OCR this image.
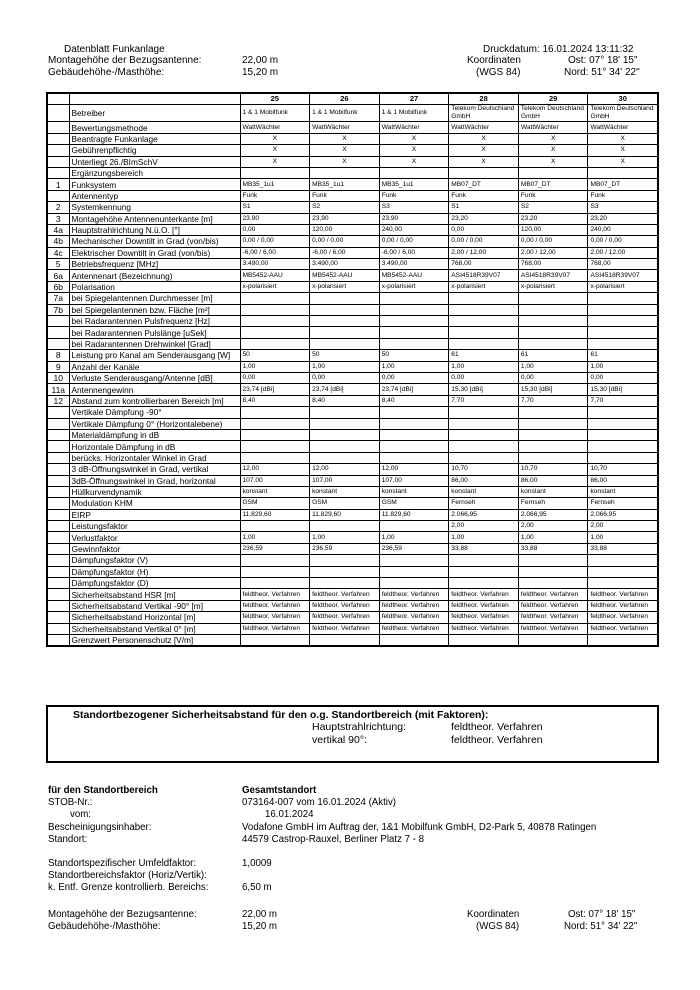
Datenblatt Funkanlage	Druckdatum: 16.01.2024 13:11:32
Montagehöhe der Bezugsantenne:	22,00 m	Koordinaten	Ost: 07° 18' 15"
Gebäudehöhe-/Masthöhe:	15,20 m	(WGS 84)	Nord: 51° 34' 22"
		25	26	27	28	29	30
	Betreiber	1 & 1 Mobilfunk	1 & 1 Mobilfunk	1 & 1 Mobilfunk	Telekom Deutschland GmbH	Telekom Deutschland GmbH	Telekom Deutschland GmbH
	Bewertungsmethode	WattWächter	WattWächter	WattWächter	WattWächter	WattWächter	WattWächter
	Beantragte Funkanlage	X	X	X	X	X	X
	Gebührenpflichtig	X	X	X	X	X	X
	Unterliegt 26./BImSchV	X	X	X	X	X	X
	Ergänzungsbereich						
1	Funksystem	MB35_1u1	MB35_1u1	MB35_1u1	MB07_DT	MB07_DT	MB07_DT
	Antennentyp	Funk	Funk	Funk	Funk	Funk	Funk
2	Systemkennung	S1	S2	S3	S1	S2	S3
3	Montagehöhe Antennenunterkante [m]	23,90	23,90	23,90	23,20	23,20	23,20
4a	Hauptstrahlrichtung N.ü.O. [°]	0,00	120,00	240,00	0,00	120,00	240,00
4b	Mechanischer Downtilt in Grad (von/bis)	0,00 / 0,00	0,00 / 0,00	0,00 / 0,00	0,00 / 0,00	0,00 / 0,00	0,00 / 0,00
4c	Elektrischer Downtilt in Grad (von/bis)	-6,00 / 6,00	-6,00 / 6,00	-6,00 / 6,00	2,00 / 12,00	2,00 / 12,00	2,00 / 12,00
5	Betriebsfrequenz [MHz]	3.490,00	3.490,00	3.490,00	768,00	768,00	768,00
6a	Antennenart (Bezeichnung)	MB5452-AAU	MB5452-AAU	MB5452-AAU	ASI4518R39V07	ASI4518R39V07	ASI4518R39V07
6b	Polarisation	x-polarisiert	x-polarisiert	x-polarisiert	x-polarisiert	x-polarisiert	x-polarisiert
7a	bei Spiegelantennen Durchmesser [m]						
7b	bei Spiegelantennen bzw. Fläche [m²]						
	bei Radarantennen Pulsfrequenz [Hz]						
	bei Radarantennen Pulslänge [uSek]						
	bei Radarantennen Drehwinkel [Grad]						
8	Leistung pro Kanal am Senderausgang [W]	50	50	50	61	61	61
9	Anzahl der Kanäle	1,00	1,00	1,00	1,00	1,00	1,00
10	Verluste Senderausgang/Antenne [dB]	0,00	0,00	0,00	0,00	0,00	0,00
11a	Antennengewinn	23,74 [dBi]	23,74 [dBi]	23,74 [dBi]	15,30 [dBi]	15,30 [dBi]	15,30 [dBi]
12	Abstand zum kontrollierbaren Bereich [m]	8,40	8,40	8,40	7,70	7,70	7,70
	Vertikale Dämpfung -90°						
	Vertikale Dämpfung 0° (Horizontalebene)						
	Materialdämpfung in dB						
	Horizontale Dämpfung in dB						
	berücks. Horizontaler Winkel in Grad						
	3 dB-Öffnungswinkel in Grad, vertikal	12,00	12,00	12,00	10,70	10,70	10,70
	3dB-Öffnungswinkel in Grad, horizontal	107,00	107,00	107,00	86,00	86,00	86,00
	Hüllkurvendynamik	konstant	konstant	konstant	konstant	konstant	konstant
	Modulation KHM	GSM	GSM	GSM	Fernseh	Fernseh	Fernseh
	EIRP	11.829,60	11.829,60	11.829,60	2.066,95	2.066,95	2.066,95
	Leistungsfaktor				2,00	2,00	2,00
	Verlustfaktor	1,00	1,00	1,00	1,00	1,00	1,00
	Gewinnfaktor	236,59	236,59	236,59	33,88	33,88	33,88
	Dämpfungsfaktor (V)						
	Dämpfungsfaktor (H)						
	Dämpfungsfaktor (D)						
	Sicherheitsabstand HSR [m]	feldtheor. Verfahren	feldtheor. Verfahren	feldtheor. Verfahren	feldtheor. Verfahren	feldtheor. Verfahren	feldtheor. Verfahren
	Sicherheitsabstand Vertikal -90° [m]	feldtheor. Verfahren	feldtheor. Verfahren	feldtheor. Verfahren	feldtheor. Verfahren	feldtheor. Verfahren	feldtheor. Verfahren
	Sicherheitsabstand Horizontal [m]	feldtheor. Verfahren	feldtheor. Verfahren	feldtheor. Verfahren	feldtheor. Verfahren	feldtheor. Verfahren	feldtheor. Verfahren
	Sicherheitsabstand Vertikal 0° [m]	feldtheor. Verfahren	feldtheor. Verfahren	feldtheor. Verfahren	feldtheor. Verfahren	feldtheor. Verfahren	feldtheor. Verfahren
	Grenzwert Personenschutz [V/m]						
Standortbezogener Sicherheitsabstand für den o.g. Standortbereich (mit Faktoren):
Hauptstrahlrichtung:	feldtheor. Verfahren
vertikal 90°:	feldtheor. Verfahren
für den Standortbereich	Gesamtstandort
STOB-Nr.:	073164-007 vom 16.01.2024 (Aktiv)
vom:	16.01.2024
Bescheinigungsinhaber:	Vodafone GmbH im Auftrag der, 1&1 Mobilfunk GmbH, D2-Park 5, 40878 Ratingen
Standort:	44579 Castrop-Rauxel, Berliner Platz 7 - 8
Standortspezifischer Umfeldfaktor:	1,0009
Standortbereichsfaktor (Horiz/Vertik):
k. Entf. Grenze kontrollierb. Bereichs:	6,50 m
Montagehöhe der Bezugsantenne:	22,00 m	Koordinaten	Ost: 07° 18' 15"
Gebäudehöhe-/Masthöhe:	15,20 m	(WGS 84)	Nord: 51° 34' 22"
